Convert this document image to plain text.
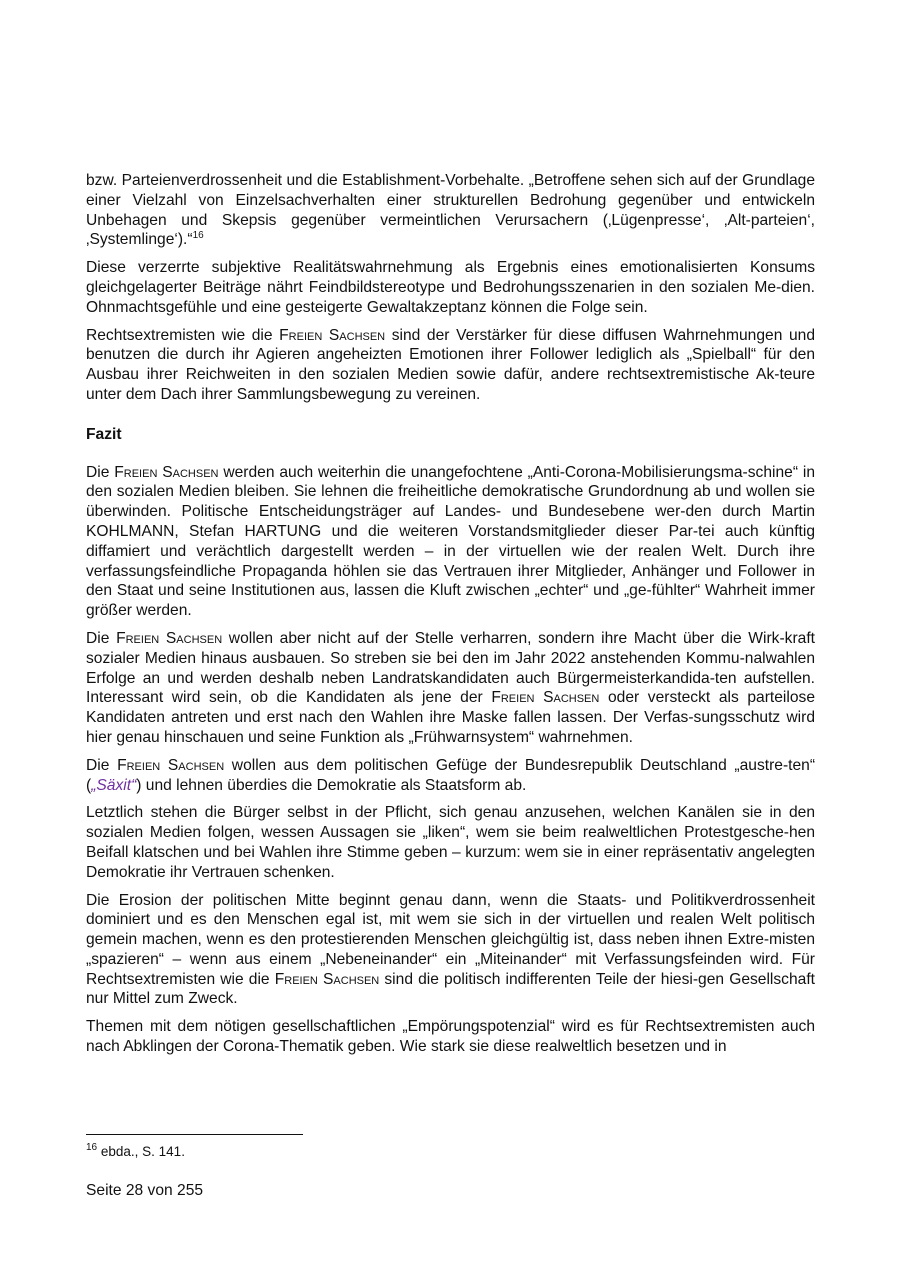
bzw. Parteienverdrossenheit und die Establishment-Vorbehalte. „Betroffene sehen sich auf der Grundlage einer Vielzahl von Einzelsachverhalten einer strukturellen Bedrohung gegenüber und entwickeln Unbehagen und Skepsis gegenüber vermeintlichen Verursachern (‚Lügenpresse‘, ‚Alt-parteien‘, ‚Systemlinge‘).“$^{16}$

Diese verzerrte subjektive Realitätswahrnehmung als Ergebnis eines emotionalisierten Konsums gleichgelagerter Beiträge nährt Feindbildstereotype und Bedrohungsszenarien in den sozialen Me-dien. Ohnmachtsgefühle und eine gesteigerte Gewaltakzeptanz können die Folge sein.

Rechtsextremisten wie die Freien Sachsen sind der Verstärker für diese diffusen Wahrnehmungen und benutzen die durch ihr Agieren angeheizten Emotionen ihrer Follower lediglich als „Spielball“ für den Ausbau ihrer Reichweiten in den sozialen Medien sowie dafür, andere rechtsextremistische Ak-teure unter dem Dach ihrer Sammlungsbewegung zu vereinen.

Fazit

Die Freien Sachsen werden auch weiterhin die unangefochtene „Anti-Corona-Mobilisierungsma-schine“ in den sozialen Medien bleiben. Sie lehnen die freiheitliche demokratische Grundordnung ab und wollen sie überwinden. Politische Entscheidungsträger auf Landes- und Bundesebene wer-den durch Martin KOHLMANN, Stefan HARTUNG und die weiteren Vorstandsmitglieder dieser Par-tei auch künftig diffamiert und verächtlich dargestellt werden – in der virtuellen wie der realen Welt. Durch ihre verfassungsfeindliche Propaganda höhlen sie das Vertrauen ihrer Mitglieder, Anhänger und Follower in den Staat und seine Institutionen aus, lassen die Kluft zwischen „echter“ und „ge-fühlter“ Wahrheit immer größer werden.

Die Freien Sachsen wollen aber nicht auf der Stelle verharren, sondern ihre Macht über die Wirk-kraft sozialer Medien hinaus ausbauen. So streben sie bei den im Jahr 2022 anstehenden Kommu-nalwahlen Erfolge an und werden deshalb neben Landratskandidaten auch Bürgermeisterkandida-ten aufstellen. Interessant wird sein, ob die Kandidaten als jene der Freien Sachsen oder versteckt als parteilose Kandidaten antreten und erst nach den Wahlen ihre Maske fallen lassen. Der Verfas-sungsschutz wird hier genau hinschauen und seine Funktion als „Frühwarnsystem“ wahrnehmen.

Die Freien Sachsen wollen aus dem politischen Gefüge der Bundesrepublik Deutschland „austre-ten“ („Säxit“) und lehnen überdies die Demokratie als Staatsform ab.

Letztlich stehen die Bürger selbst in der Pflicht, sich genau anzusehen, welchen Kanälen sie in den sozialen Medien folgen, wessen Aussagen sie „liken“, wem sie beim realweltlichen Protestgesche-hen Beifall klatschen und bei Wahlen ihre Stimme geben – kurzum: wem sie in einer repräsentativ angelegten Demokratie ihr Vertrauen schenken.

Die Erosion der politischen Mitte beginnt genau dann, wenn die Staats- und Politikverdrossenheit dominiert und es den Menschen egal ist, mit wem sie sich in der virtuellen und realen Welt politisch gemein machen, wenn es den protestierenden Menschen gleichgültig ist, dass neben ihnen Extre-misten „spazieren“ – wenn aus einem „Nebeneinander“ ein „Miteinander“ mit Verfassungsfeinden wird. Für Rechtsextremisten wie die Freien Sachsen sind die politisch indifferenten Teile der hiesi-gen Gesellschaft nur Mittel zum Zweck.

Themen mit dem nötigen gesellschaftlichen „Empörungspotenzial“ wird es für Rechtsextremisten auch nach Abklingen der Corona-Thematik geben. Wie stark sie diese realweltlich besetzen und in

$^{16}$ ebda., S. 141.
Seite 28 von 255
